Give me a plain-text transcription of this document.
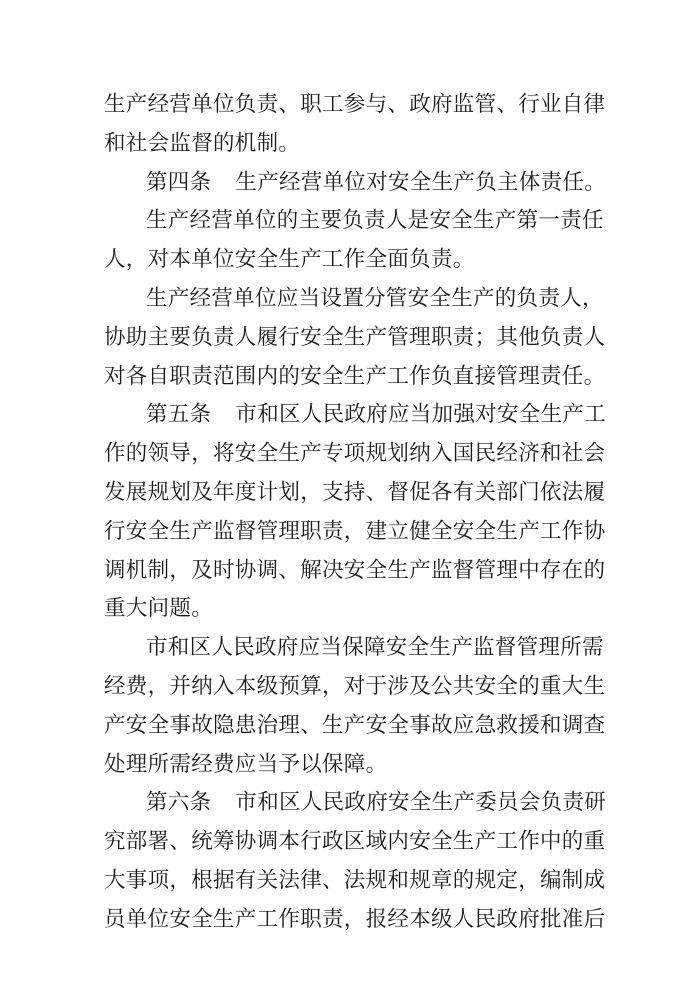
生产经营单位负责、职工参与、政府监管、行业自律
和社会监督的机制。

第四条 生产经营单位对安全生产负主体责任。

生产经营单位的主要负责人是安全生产第一责任
人，对本单位安全生产工作全面负责。

生产经营单位应当设置分管安全生产的负责人，
协助主要负责人履行安全生产管理职责；其他负责人
对各自职责范围内的安全生产工作负直接管理责任。

第五条 市和区人民政府应当加强对安全生产工
作的领导，将安全生产专项规划纳入国民经济和社会
发展规划及年度计划，支持、督促各有关部门依法履
行安全生产监督管理职责，建立健全安全生产工作协
调机制，及时协调、解决安全生产监督管理中存在的
重大问题。

市和区人民政府应当保障安全生产监督管理所需
经费，并纳入本级预算，对于涉及公共安全的重大生
产安全事故隐患治理、生产安全事故应急救援和调查
处理所需经费应当予以保障。

第六条 市和区人民政府安全生产委员会负责研
究部署、统筹协调本行政区域内安全生产工作中的重
大事项，根据有关法律、法规和规章的规定，编制成
员单位安全生产工作职责，报经本级人民政府批准后
